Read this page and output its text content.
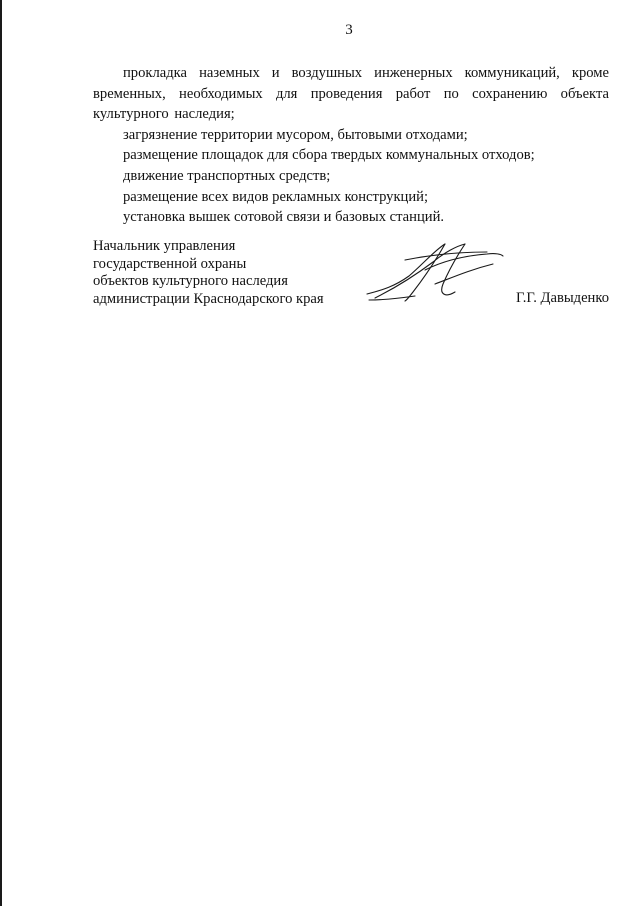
3

прокладка наземных и воздушных инженерных коммуникаций, кроме временных, необходимых для проведения работ по сохранению объекта культурного наследия;

загрязнение территории мусором, бытовыми отходами;

размещение площадок для сбора твердых коммунальных отходов;

движение транспортных средств;

размещение всех видов рекламных конструкций;

установка вышек сотовой связи и базовых станций.

Начальник управления

государственной охраны

объектов культурного наследия

администрации Краснодарского края	Г.Г. Давыденко
